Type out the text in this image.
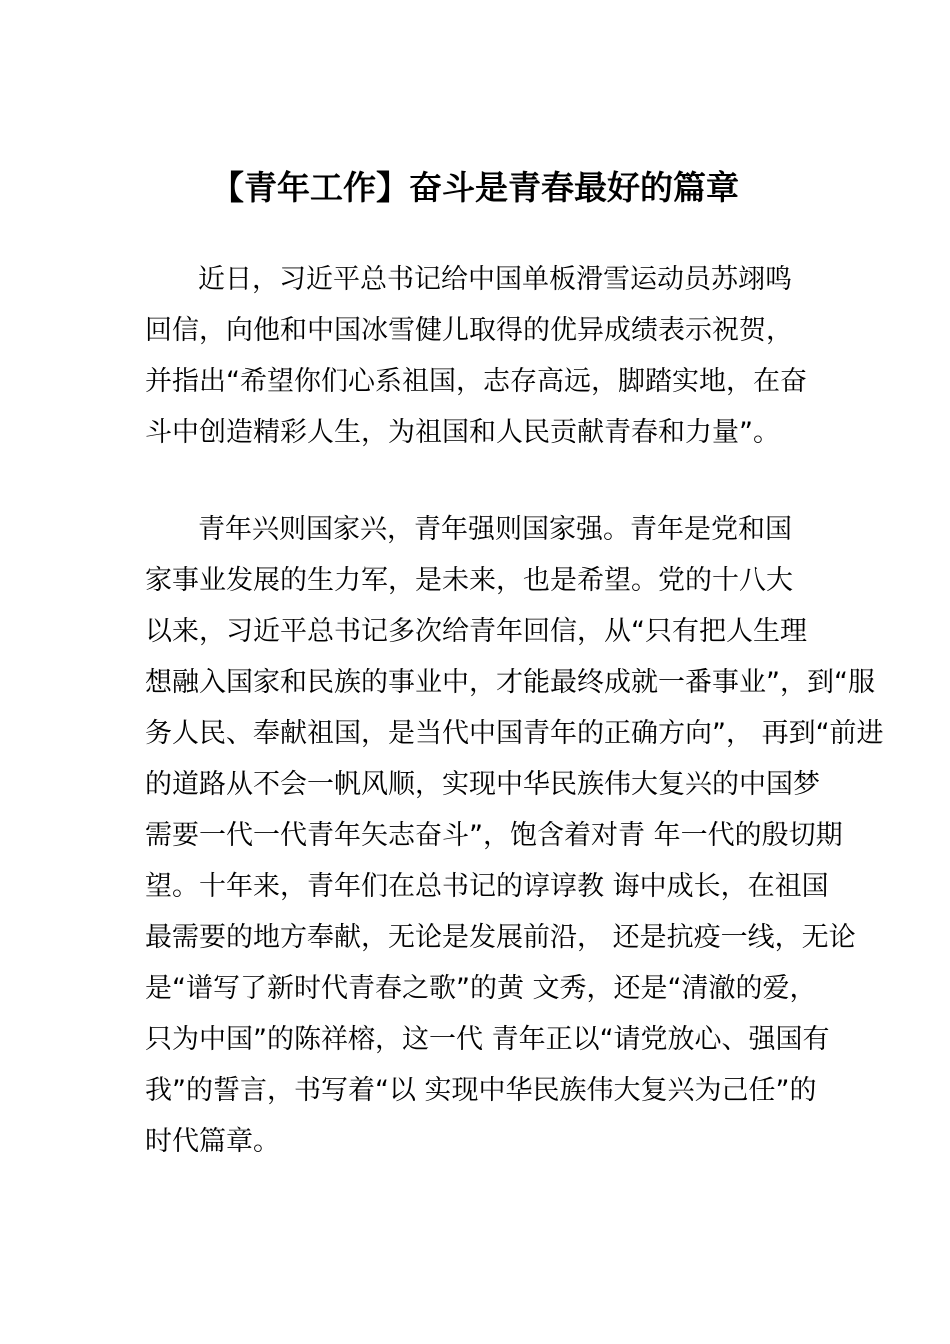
【青年工作】奋斗是青春最好的篇章
近日，习近平总书记给中国单板滑雪运动员苏翊鸣
回信，向他和中国冰雪健儿取得的优异成绩表示祝贺，
并指出“希望你们心系祖国，志存高远，脚踏实地，在奋
斗中创造精彩人生，为祖国和人民贡献青春和力量”。
青年兴则国家兴，青年强则国家强。青年是党和国
家事业发展的生力军，是未来，也是希望。党的十八大
以来，习近平总书记多次给青年回信，从“只有把人生理
想融入国家和民族的事业中，才能最终成就一番事业”，到“服
务人民、奉献祖国，是当代中国青年的正确方向”， 再到“前进
的道路从不会一帆风顺，实现中华民族伟大复兴的中国梦
需要一代一代青年矢志奋斗”，饱含着对青 年一代的殷切期
望。十年来，青年们在总书记的谆谆教 诲中成长，在祖国
最需要的地方奉献，无论是发展前沿， 还是抗疫一线，无论
是“谱写了新时代青春之歌”的黄 文秀，还是“清澈的爱，
只为中国”的陈祥榕，这一代 青年正以“请党放心、强国有
我”的誓言，书写着“以 实现中华民族伟大复兴为己任”的
时代篇章。
